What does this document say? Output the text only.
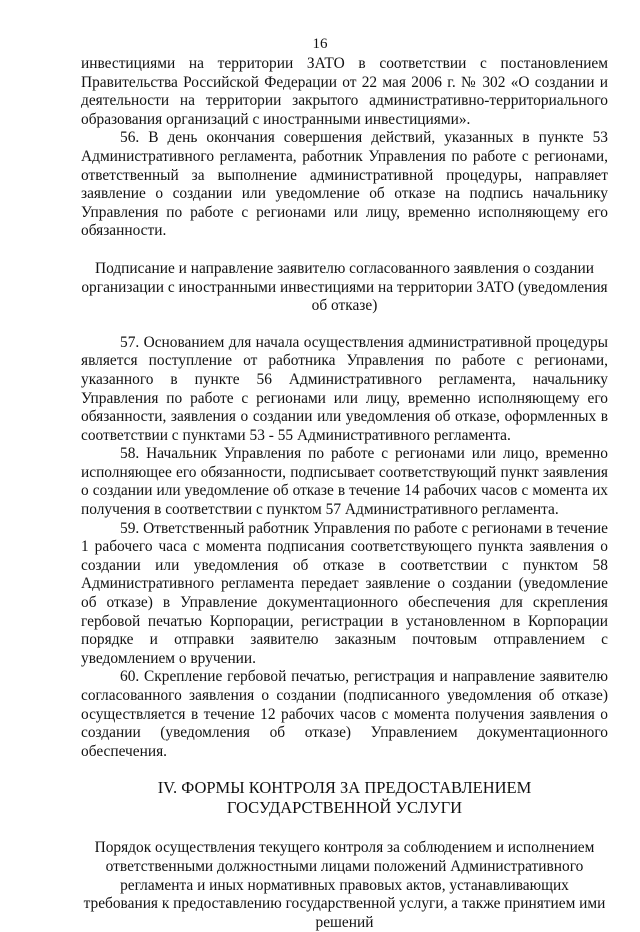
16

инвестициями на территории ЗАТО в соответствии с постановлением Правительства Российской Федерации от 22 мая 2006 г. № 302 «О создании и деятельности на территории закрытого административно-территориального образования организаций с иностранными инвестициями».

56. В день окончания совершения действий, указанных в пункте 53 Административного регламента, работник Управления по работе с регионами, ответственный за выполнение административной процедуры, направляет заявление о создании или уведомление об отказе на подпись начальнику Управления по работе с регионами или лицу, временно исполняющему его обязанности.

Подписание и направление заявителю согласованного заявления о создании организации с иностранными инвестициями на территории ЗАТО (уведомления об отказе)

57. Основанием для начала осуществления административной процедуры является поступление от работника Управления по работе с регионами, указанного в пункте 56 Административного регламента, начальнику Управления по работе с регионами или лицу, временно исполняющему его обязанности, заявления о создании или уведомления об отказе, оформленных в соответствии с пунктами 53 - 55 Административного регламента.

58. Начальник Управления по работе с регионами или лицо, временно исполняющее его обязанности, подписывает соответствующий пункт заявления о создании или уведомление об отказе в течение 14 рабочих часов с момента их получения в соответствии с пунктом 57 Административного регламента.

59. Ответственный работник Управления по работе с регионами в течение 1 рабочего часа с момента подписания соответствующего пункта заявления о создании или уведомления об отказе в соответствии с пунктом 58 Административного регламента передает заявление о создании (уведомление об отказе) в Управление документационного обеспечения для скрепления гербовой печатью Корпорации, регистрации в установленном в Корпорации порядке и отправки заявителю заказным почтовым отправлением с уведомлением о вручении.

60. Скрепление гербовой печатью, регистрация и направление заявителю согласованного заявления о создании (подписанного уведомления об отказе) осуществляется в течение 12 рабочих часов с момента получения заявления о создании (уведомления об отказе) Управлением документационного обеспечения.

IV. ФОРМЫ КОНТРОЛЯ ЗА ПРЕДОСТАВЛЕНИЕМ ГОСУДАРСТВЕННОЙ УСЛУГИ

Порядок осуществления текущего контроля за соблюдением и исполнением ответственными должностными лицами положений Административного регламента и иных нормативных правовых актов, устанавливающих требования к предоставлению государственной услуги, а также принятием ими решений
